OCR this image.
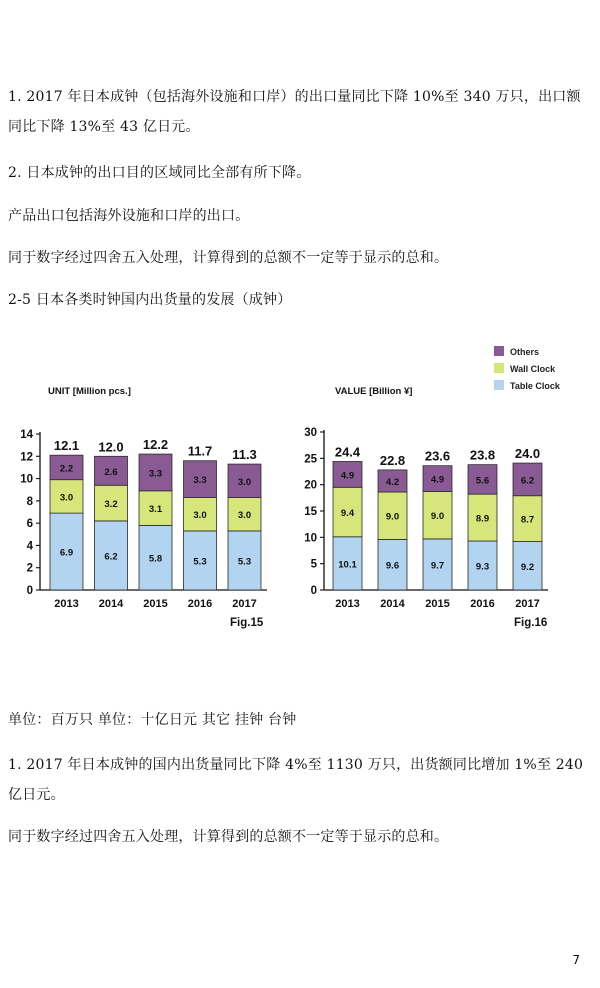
1. 2017 年日本成钟（包括海外设施和口岸）的出口量同比下降 10%至 340 万只，出口额同比下降 13%至 43 亿日元。
2. 日本成钟的出口目的区域同比全部有所下降。
产品出口包括海外设施和口岸的出口。
同于数字经过四舍五入处理，计算得到的总额不一定等于显示的总和。
2-5 日本各类时钟国内出货量的发展（成钟）
Others
Wall Clock
Table Clock
UNIT [Million pcs.]
0
2
4
6
8
10
12
14
6.9
3.0
2.2
12.1
2013
6.2
3.2
2.6
12.0
2014
5.8
3.1
3.3
12.2
2015
5.3
3.0
3.3
11.7
2016
5.3
3.0
3.0
11.3
2017
Fig.15
VALUE [Billion ¥]
0
5
10
15
20
25
30
10.1
9.4
4.9
24.4
2013
9.6
9.0
4.2
22.8
2014
9.7
9.0
4.9
23.6
2015
9.3
8.9
5.6
23.8
2016
9.2
8.7
6.2
24.0
2017
Fig.16
单位：百万只 单位：十亿日元 其它 挂钟 台钟
1. 2017 年日本成钟的国内出货量同比下降 4%至 1130 万只，出货额同比增加 1%至 240 亿日元。
同于数字经过四舍五入处理，计算得到的总额不一定等于显示的总和。
7
